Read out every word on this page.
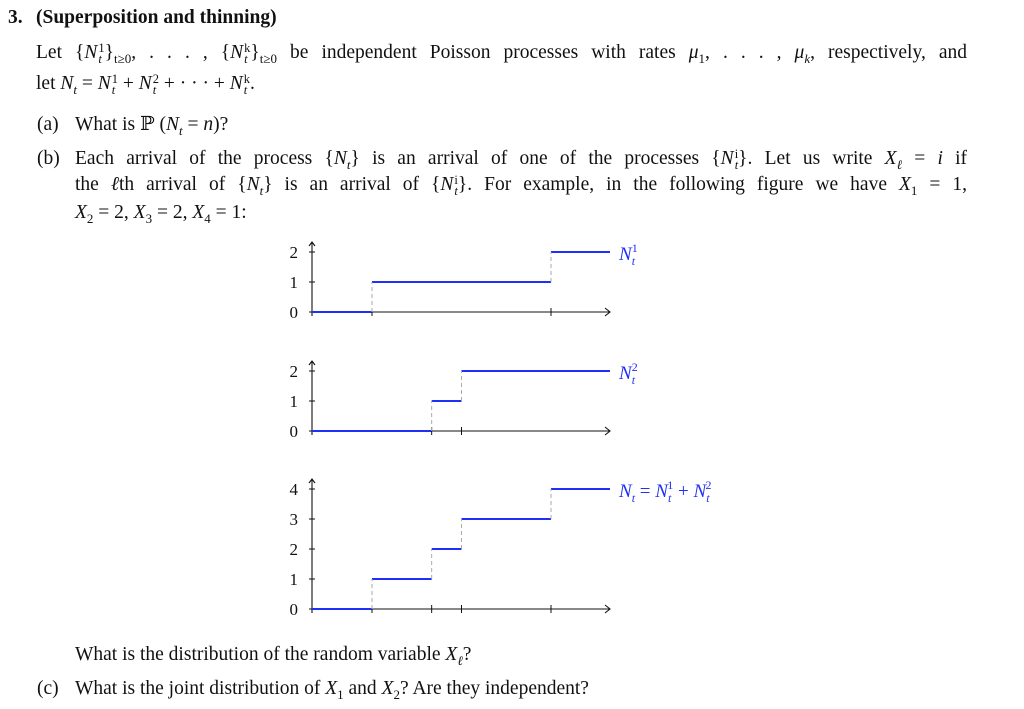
3. (Superposition and thinning)
Let {N 1
t }$_{t\ge 0}$, . . . , {N k
t }$_{t\ge 0}$ be independent Poisson processes with rates $\mu_1$, . . . , $\mu_k$, respectively, and
let $N_t = N$ 1
t + N 2
t + · · · + N k
t .
(a) What is ℙ $(N_t = n)$?
(b) Each arrival of the process $\{N_t\}$ is an arrival of one of the processes {N i
t }. Let us write $X_\ell = i$ if
the ℓth arrival of $\{N_t\}$ is an arrival of {N i
t }. For example, in the following figure we have $X_1 = 1$,
$X_2 = 2$, $X_3 = 2$, $X_4 = 1$:
0
1
2	$N^1$ t
0
1
2	$N^2$ t
0
1
2
3
4	$N_t = N_t1 + N_t2$
What is the distribution of the random variable $X_\ell$?
(c) What is the joint distribution of $X_1$ and $X_2$? Are they independent?
